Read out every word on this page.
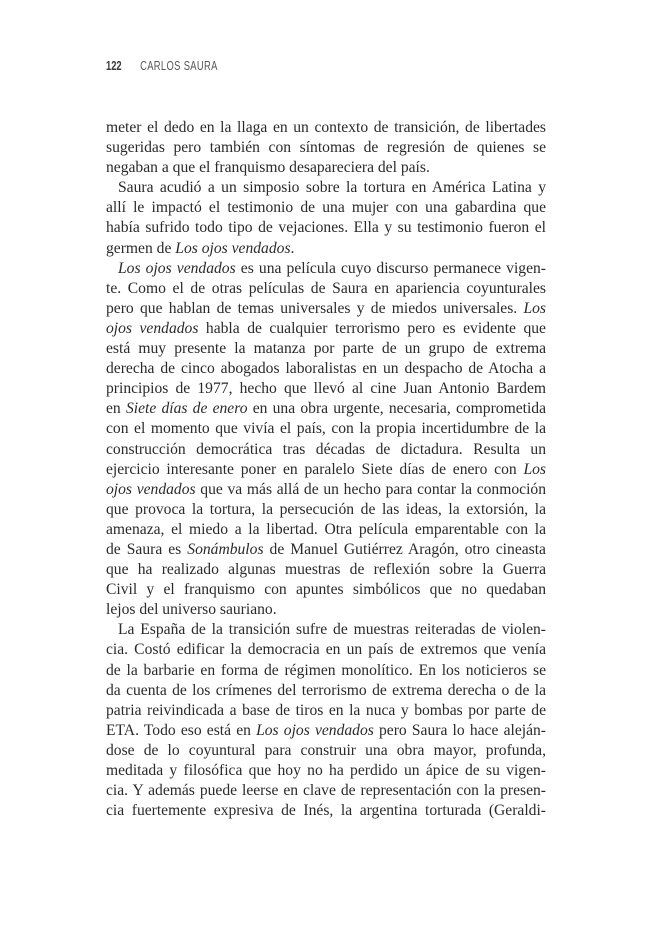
122 CARLOS SAURA
meter el dedo en la llaga en un contexto de transición, de libertades
sugeridas pero también con síntomas de regresión de quienes se
negaban a que el franquismo desapareciera del país.
Saura acudió a un simposio sobre la tortura en América Latina y
allí le impactó el testimonio de una mujer con una gabardina que
había sufrido todo tipo de vejaciones. Ella y su testimonio fueron el
germen de Los ojos vendados.
Los ojos vendados es una película cuyo discurso permanece vigen-
te. Como el de otras películas de Saura en apariencia coyunturales
pero que hablan de temas universales y de miedos universales. Los
ojos vendados habla de cualquier terrorismo pero es evidente que
está muy presente la matanza por parte de un grupo de extrema
derecha de cinco abogados laboralistas en un despacho de Atocha a
principios de 1977, hecho que llevó al cine Juan Antonio Bardem
en Siete días de enero en una obra urgente, necesaria, comprometida
con el momento que vivía el país, con la propia incertidumbre de la
construcción democrática tras décadas de dictadura. Resulta un
ejercicio interesante poner en paralelo Siete días de enero con Los
ojos vendados que va más allá de un hecho para contar la conmoción
que provoca la tortura, la persecución de las ideas, la extorsión, la
amenaza, el miedo a la libertad. Otra película emparentable con la
de Saura es Sonámbulos de Manuel Gutiérrez Aragón, otro cineasta
que ha realizado algunas muestras de reflexión sobre la Guerra
Civil y el franquismo con apuntes simbólicos que no quedaban
lejos del universo sauriano.
La España de la transición sufre de muestras reiteradas de violen-
cia. Costó edificar la democracia en un país de extremos que venía
de la barbarie en forma de régimen monolítico. En los noticieros se
da cuenta de los crímenes del terrorismo de extrema derecha o de la
patria reivindicada a base de tiros en la nuca y bombas por parte de
ETA. Todo eso está en Los ojos vendados pero Saura lo hace aleján-
dose de lo coyuntural para construir una obra mayor, profunda,
meditada y filosófica que hoy no ha perdido un ápice de su vigen-
cia. Y además puede leerse en clave de representación con la presen-
cia fuertemente expresiva de Inés, la argentina torturada (Geraldi-
